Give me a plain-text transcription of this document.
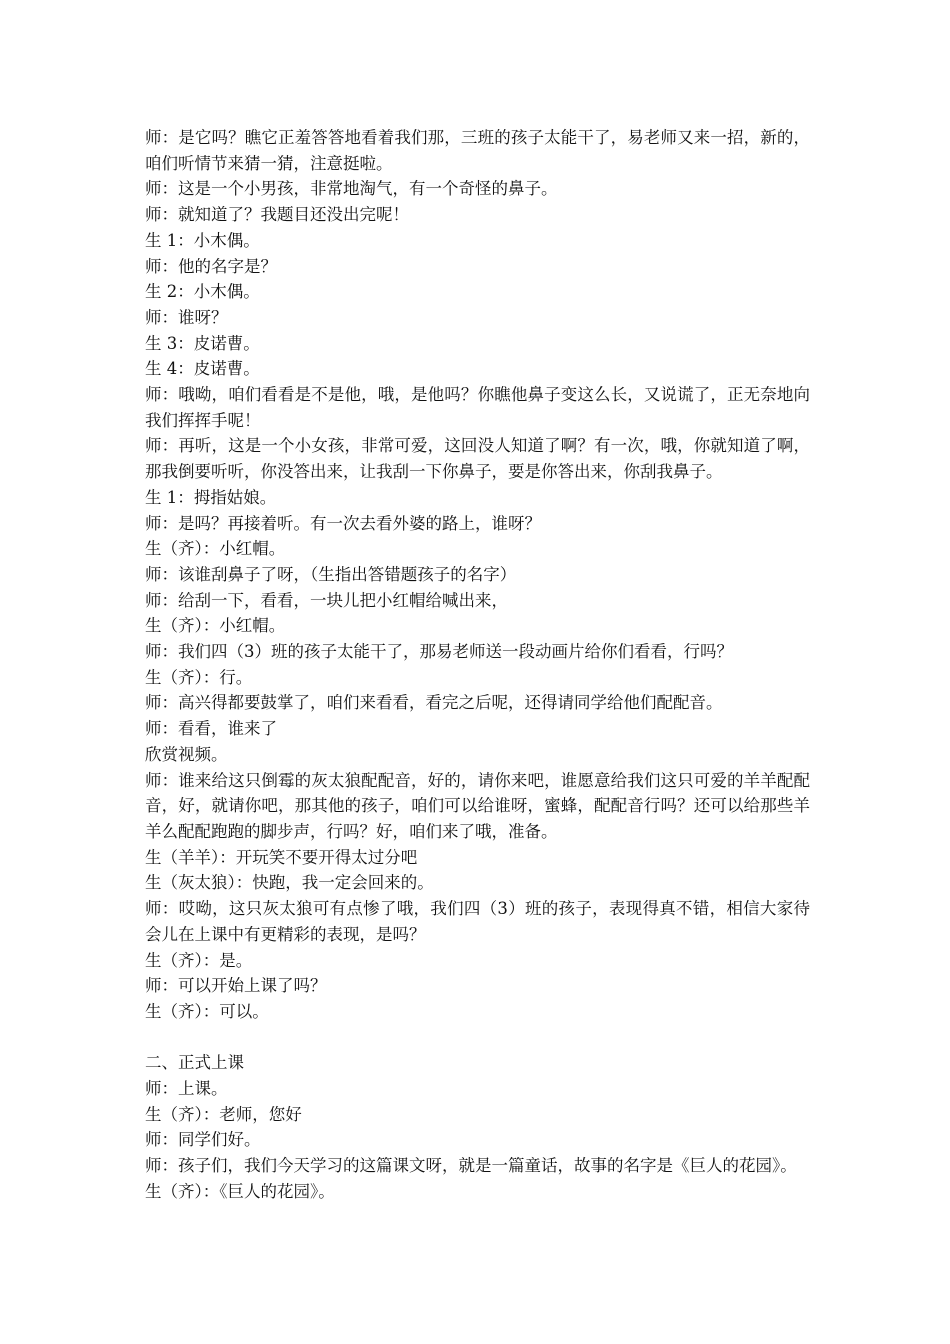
师：是它吗？瞧它正羞答答地看着我们那，三班的孩子太能干了，易老师又来一招，新的，咱们听情节来猜一猜，注意挺啦。

师：这是一个小男孩，非常地淘气，有一个奇怪的鼻子。

师：就知道了？我题目还没出完呢！

生 1：小木偶。

师：他的名字是？

生 2：小木偶。

师：谁呀？

生 3：皮诺曹。

生 4：皮诺曹。

师：哦呦，咱们看看是不是他，哦，是他吗？你瞧他鼻子变这么长，又说谎了，正无奈地向我们挥挥手呢！

师：再听，这是一个小女孩，非常可爱，这回没人知道了啊？有一次，哦，你就知道了啊，那我倒要听听，你没答出来，让我刮一下你鼻子，要是你答出来，你刮我鼻子。

生 1：拇指姑娘。

师：是吗？再接着听。有一次去看外婆的路上，谁呀？

生（齐）：小红帽。

师：该谁刮鼻子了呀，（生指出答错题孩子的名字）

师：给刮一下，看看，一块儿把小红帽给喊出来，

生（齐）：小红帽。

师：我们四（3）班的孩子太能干了，那易老师送一段动画片给你们看看，行吗？

生（齐）：行。

师：高兴得都要鼓掌了，咱们来看看，看完之后呢，还得请同学给他们配配音。

师：看看，谁来了

欣赏视频。

师：谁来给这只倒霉的灰太狼配配音，好的，请你来吧，谁愿意给我们这只可爱的羊羊配配音，好，就请你吧，那其他的孩子，咱们可以给谁呀，蜜蜂，配配音行吗？还可以给那些羊羊么配配跑跑的脚步声，行吗？好，咱们来了哦，准备。

生（羊羊）：开玩笑不要开得太过分吧

生（灰太狼）：快跑，我一定会回来的。

师：哎呦，这只灰太狼可有点惨了哦，我们四（3）班的孩子，表现得真不错，相信大家待会儿在上课中有更精彩的表现，是吗？

生（齐）：是。

师：可以开始上课了吗？

生（齐）：可以。

二、正式上课

师：上课。

生（齐）：老师，您好

师：同学们好。

师：孩子们，我们今天学习的这篇课文呀，就是一篇童话，故事的名字是《巨人的花园》。

生（齐）：《巨人的花园》。
